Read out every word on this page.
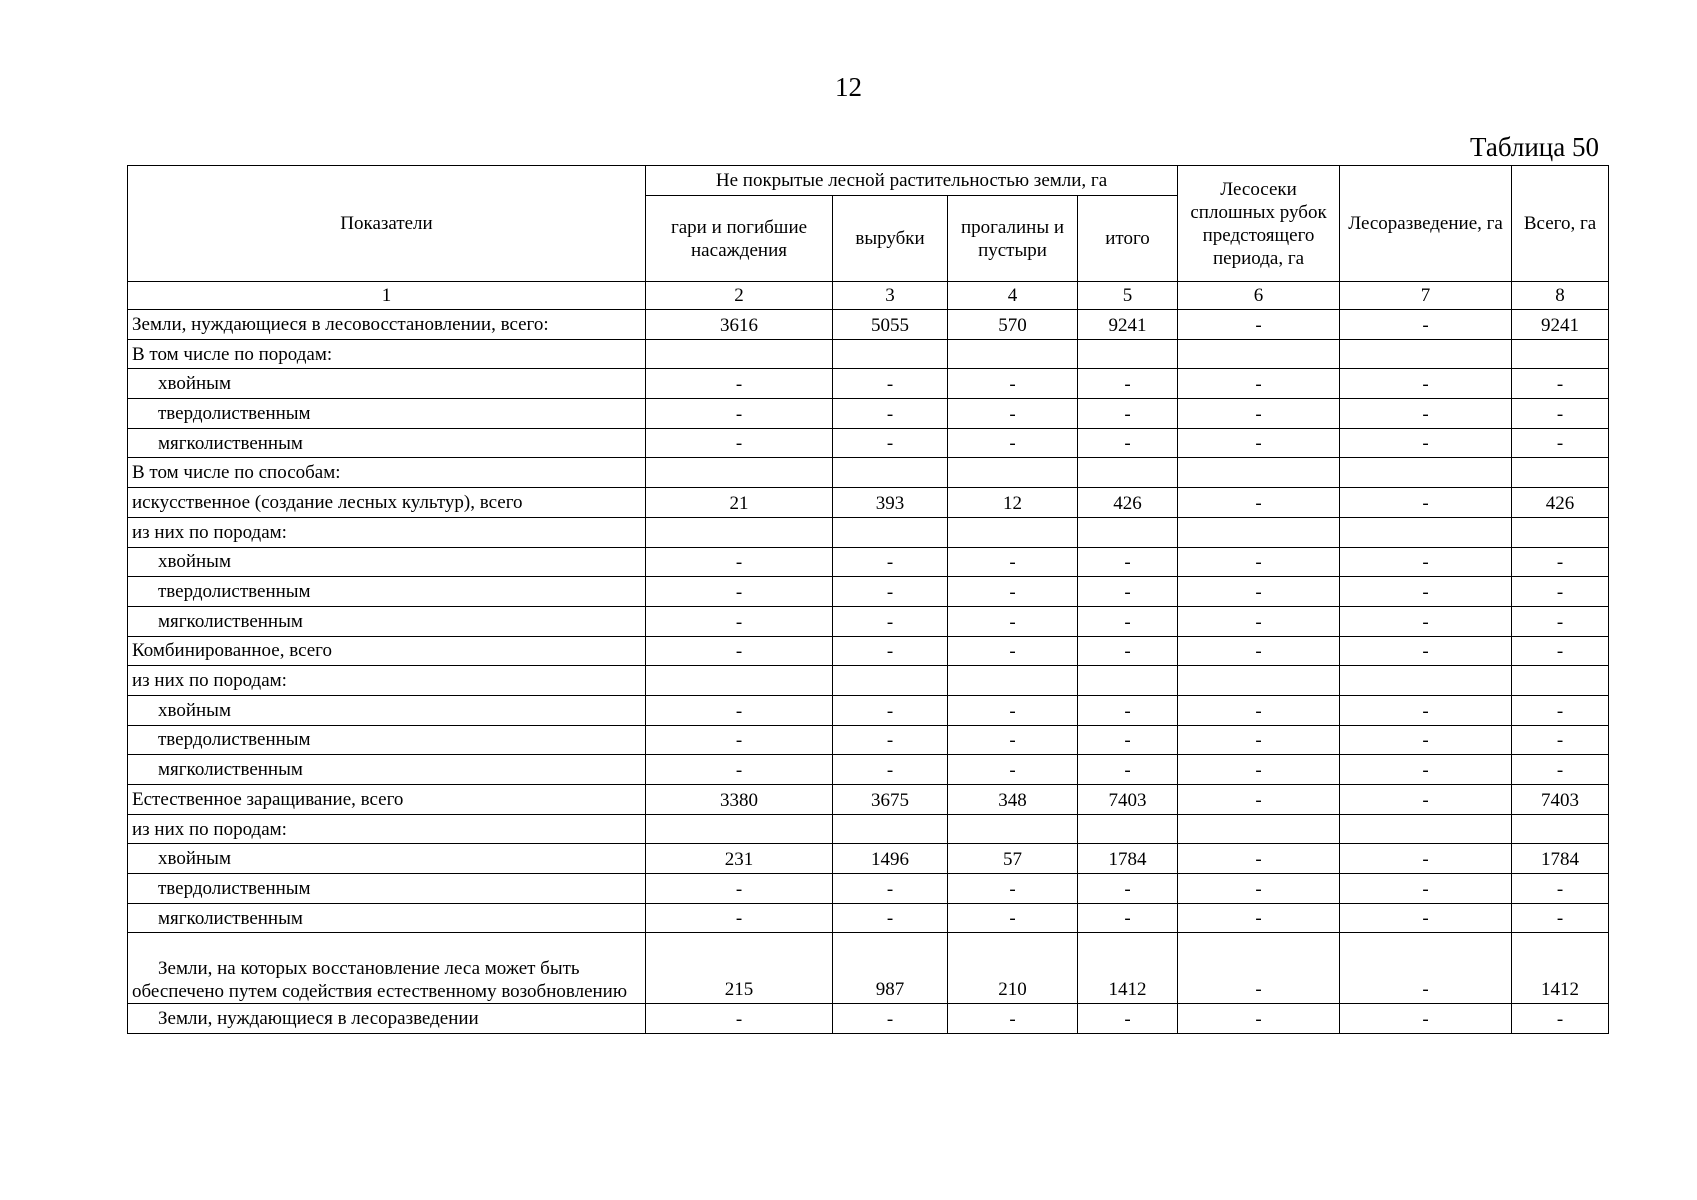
12
Таблица 50
Показатели	Не покрытые лесной растительностью земли, га				Лесосеки сплошных рубок предстоящего периода, га	Лесоразведение, га	Всего, га
	гари и погибшие насаждения	вырубки	прогалины и пустыри	итого			
1	2	3	4	5	6	7	8
Земли, нуждающиеся в лесовосстановлении, всего:	3616	5055	570	9241	-	-	9241
В том числе по породам:							
хвойным	-	-	-	-	-	-	-
твердолиственным	-	-	-	-	-	-	-
мягколиственным	-	-	-	-	-	-	-
В том числе по способам:							
искусственное (создание лесных культур), всего	21	393	12	426	-	-	426
из них по породам:							
хвойным	-	-	-	-	-	-	-
твердолиственным	-	-	-	-	-	-	-
мягколиственным	-	-	-	-	-	-	-
Комбинированное, всего	-	-	-	-	-	-	-
из них по породам:							
хвойным	-	-	-	-	-	-	-
твердолиственным	-	-	-	-	-	-	-
мягколиственным	-	-	-	-	-	-	-
Естественное заращивание, всего	3380	3675	348	7403	-	-	7403
из них по породам:							
хвойным	231	1496	57	1784	-	-	1784
твердолиственным	-	-	-	-	-	-	-
мягколиственным	-	-	-	-	-	-	-
Земли, на которых восстановление леса может быть обеспечено путем содействия естественному возобновлению	215	987	210	1412	-	-	1412
Земли, нуждающиеся в лесоразведении	-	-	-	-	-	-	-
